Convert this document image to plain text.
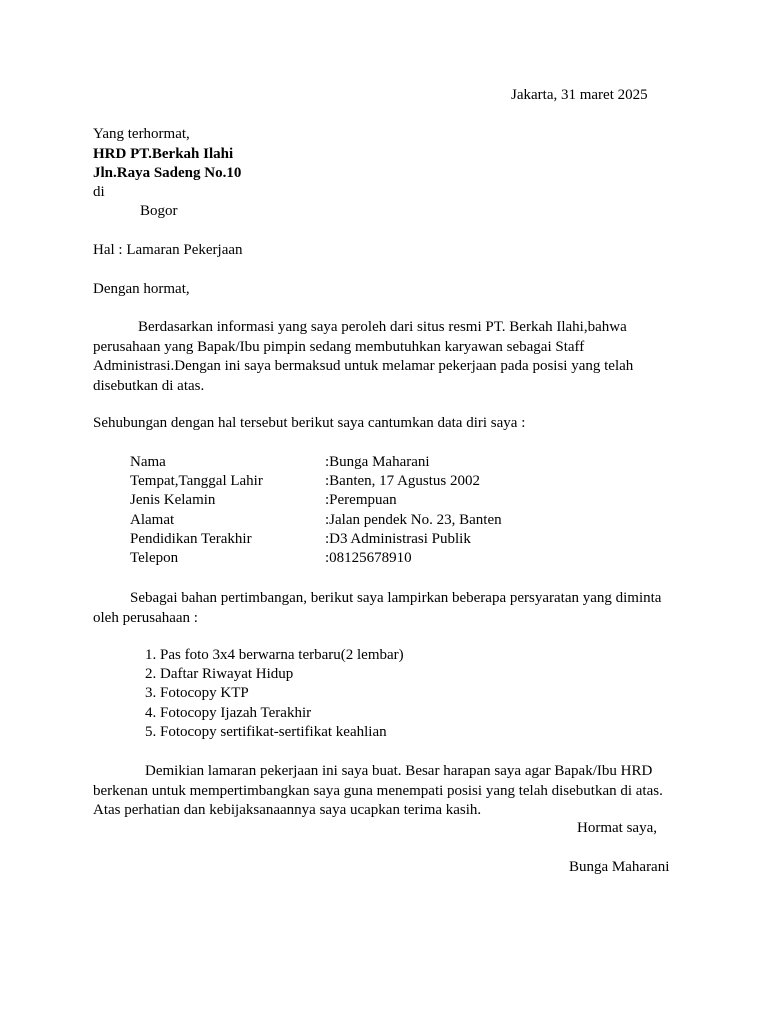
Jakarta, 31 maret 2025
Yang terhormat,
HRD PT.Berkah Ilahi
Jln.Raya Sadeng No.10
di
Bogor
Hal : Lamaran Pekerjaan
Dengan hormat,
Berdasarkan informasi yang saya peroleh dari situs resmi PT. Berkah Ilahi,bahwa perusahaan yang Bapak/Ibu pimpin sedang membutuhkan karyawan sebagai Staff Administrasi.Dengan ini saya bermaksud untuk melamar pekerjaan pada posisi yang telah disebutkan di atas.
Sehubungan dengan hal tersebut berikut saya cantumkan data diri saya :
Nama	:Bunga Maharani
Tempat,Tanggal Lahir	:Banten, 17 Agustus 2002
Jenis Kelamin	:Perempuan
Alamat	:Jalan pendek No. 23, Banten
Pendidikan Terakhir	:D3 Administrasi Publik
Telepon	:08125678910
Sebagai bahan pertimbangan, berikut saya lampirkan beberapa persyaratan yang diminta oleh perusahaan :
1. Pas foto 3x4 berwarna terbaru(2 lembar)
2. Daftar Riwayat Hidup
3. Fotocopy KTP
4. Fotocopy Ijazah Terakhir
5. Fotocopy sertifikat-sertifikat keahlian
Demikian lamaran pekerjaan ini saya buat. Besar harapan saya agar Bapak/Ibu HRD berkenan untuk mempertimbangkan saya guna menempati posisi yang telah disebutkan di atas. Atas perhatian dan kebijaksanaannya saya ucapkan terima kasih.
Hormat saya,
Bunga Maharani
